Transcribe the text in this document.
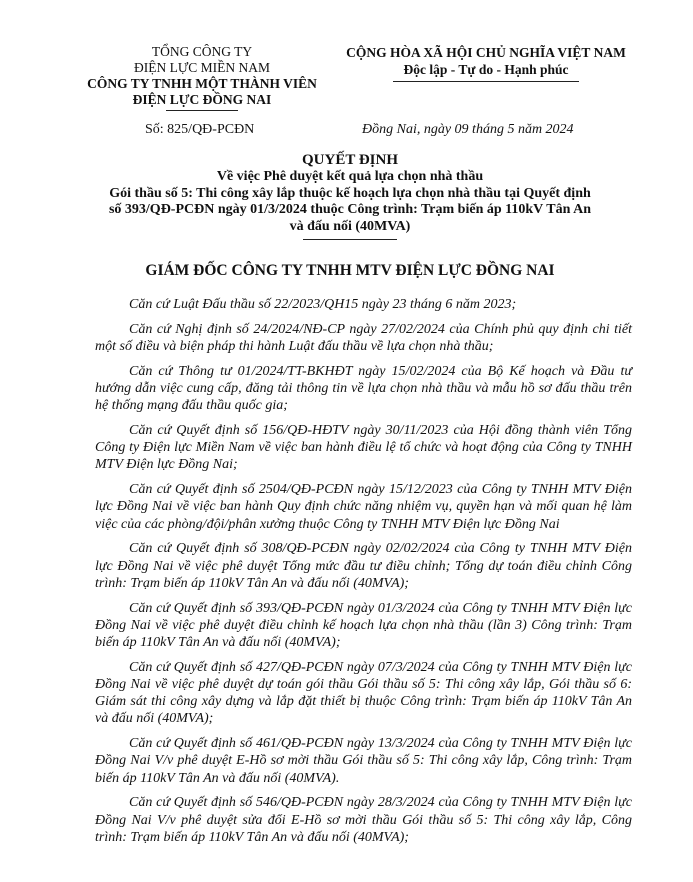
TỔNG CÔNG TY
ĐIỆN LỰC MIỀN NAM
CÔNG TY TNHH MỘT THÀNH VIÊN
ĐIỆN LỰC ĐỒNG NAI
CỘNG HÒA XÃ HỘI CHỦ NGHĨA VIỆT NAM
Độc lập - Tự do - Hạnh phúc
Số: 825/QĐ-PCĐN	Đồng Nai, ngày 09 tháng 5 năm 2024
QUYẾT ĐỊNH
Về việc Phê duyệt kết quả lựa chọn nhà thầu
Gói thầu số 5: Thi công xây lắp thuộc kế hoạch lựa chọn nhà thầu tại Quyết định
số 393/QĐ-PCĐN ngày 01/3/2024 thuộc Công trình: Trạm biến áp 110kV Tân An
và đấu nối (40MVA)
GIÁM ĐỐC CÔNG TY TNHH MTV ĐIỆN LỰC ĐỒNG NAI

Căn cứ Luật Đấu thầu số 22/2023/QH15 ngày 23 tháng 6 năm 2023;

Căn cứ Nghị định số 24/2024/NĐ-CP ngày 27/02/2024 của Chính phủ quy định chi tiết một số điều và biện pháp thi hành Luật đấu thầu về lựa chọn nhà thầu;

Căn cứ Thông tư 01/2024/TT-BKHĐT ngày 15/02/2024 của Bộ Kế hoạch và Đầu tư hướng dẫn việc cung cấp, đăng tải thông tin về lựa chọn nhà thầu và mẫu hồ sơ đấu thầu trên hệ thống mạng đấu thầu quốc gia;

Căn cứ Quyết định số 156/QĐ-HĐTV ngày 30/11/2023 của Hội đồng thành viên Tổng Công ty Điện lực Miền Nam về việc ban hành điều lệ tổ chức và hoạt động của Công ty TNHH MTV Điện lực Đồng Nai;

Căn cứ Quyết định số 2504/QĐ-PCĐN ngày 15/12/2023 của Công ty TNHH MTV Điện lực Đồng Nai về việc ban hành Quy định chức năng nhiệm vụ, quyền hạn và mối quan hệ làm việc của các phòng/đội/phân xưởng thuộc Công ty TNHH MTV Điện lực Đồng Nai

Căn cứ Quyết định số 308/QĐ-PCĐN ngày 02/02/2024 của Công ty TNHH MTV Điện lực Đồng Nai về việc phê duyệt Tổng mức đầu tư điều chỉnh; Tổng dự toán điều chỉnh Công trình: Trạm biến áp 110kV Tân An và đấu nối (40MVA);

Căn cứ Quyết định số 393/QĐ-PCĐN ngày 01/3/2024 của Công ty TNHH MTV Điện lực Đồng Nai về việc phê duyệt điều chỉnh kế hoạch lựa chọn nhà thầu (lần 3) Công trình: Trạm biến áp 110kV Tân An và đấu nối (40MVA);

Căn cứ Quyết định số 427/QĐ-PCĐN ngày 07/3/2024 của Công ty TNHH MTV Điện lực Đồng Nai về việc phê duyệt dự toán gói thầu Gói thầu số 5: Thi công xây lắp, Gói thầu số 6: Giám sát thi công xây dựng và lắp đặt thiết bị thuộc Công trình: Trạm biến áp 110kV Tân An và đấu nối (40MVA);

Căn cứ Quyết định số 461/QĐ-PCĐN ngày 13/3/2024 của Công ty TNHH MTV Điện lực Đồng Nai V/v phê duyệt E-Hồ sơ mời thầu Gói thầu số 5: Thi công xây lắp, Công trình: Trạm biến áp 110kV Tân An và đấu nối (40MVA).

Căn cứ Quyết định số 546/QĐ-PCĐN ngày 28/3/2024 của Công ty TNHH MTV Điện lực Đồng Nai V/v phê duyệt sửa đổi E-Hồ sơ mời thầu Gói thầu số 5: Thi công xây lắp, Công trình: Trạm biến áp 110kV Tân An và đấu nối (40MVA);
